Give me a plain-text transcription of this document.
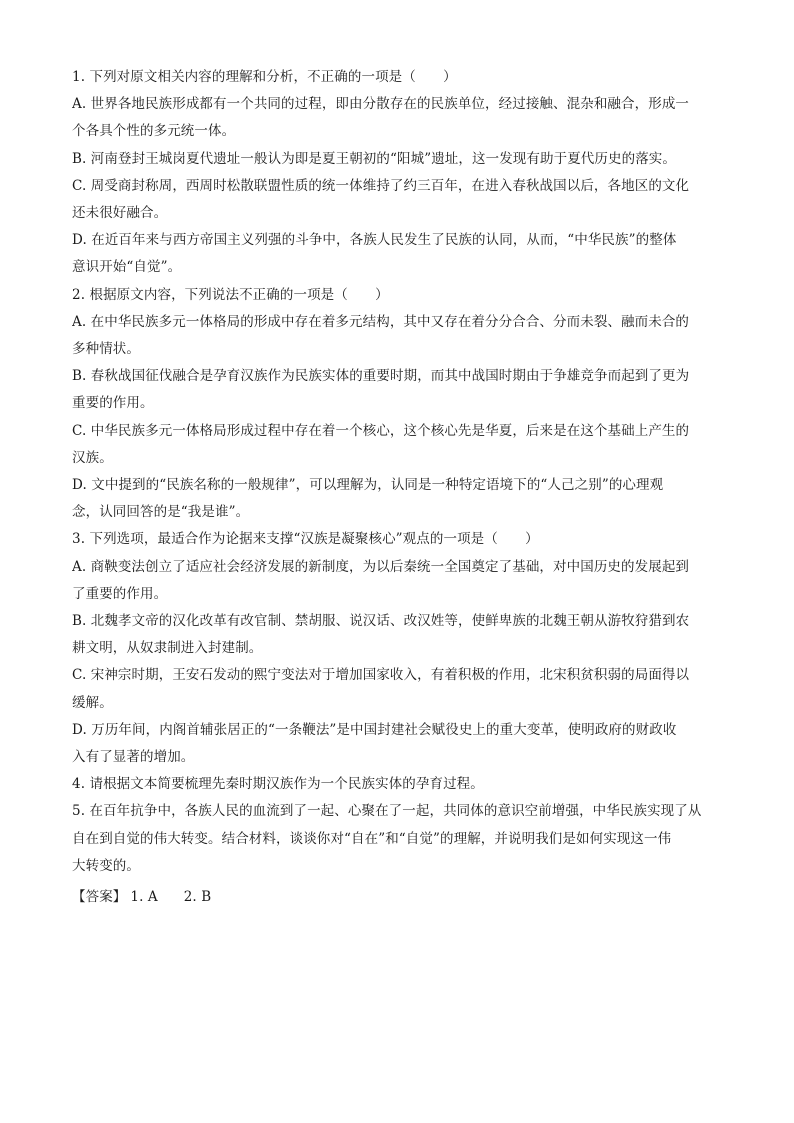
1. 下列对原文相关内容的理解和分析，不正确的一项是（　　）
A. 世界各地民族形成都有一个共同的过程，即由分散存在的民族单位，经过接触、混杂和融合，形成一
个各具个性的多元统一体。
B. 河南登封王城岗夏代遗址一般认为即是夏王朝初的“阳城”遗址，这一发现有助于夏代历史的落实。
C. 周受商封称周，西周时松散联盟性质的统一体维持了约三百年，在进入春秋战国以后，各地区的文化
还未很好融合。
D. 在近百年来与西方帝国主义列强的斗争中，各族人民发生了民族的认同，从而，“中华民族”的整体
意识开始“自觉”。
2. 根据原文内容，下列说法不正确的一项是（　　）
A. 在中华民族多元一体格局的形成中存在着多元结构，其中又存在着分分合合、分而未裂、融而未合的
多种情状。
B. 春秋战国征伐融合是孕育汉族作为民族实体的重要时期，而其中战国时期由于争雄竞争而起到了更为
重要的作用。
C. 中华民族多元一体格局形成过程中存在着一个核心，这个核心先是华夏，后来是在这个基础上产生的
汉族。
D. 文中提到的“民族名称的一般规律”，可以理解为，认同是一种特定语境下的“人己之别”的心理观
念，认同回答的是“我是谁”。
3. 下列选项，最适合作为论据来支撑“汉族是凝聚核心”观点的一项是（　　）
A. 商鞅变法创立了适应社会经济发展的新制度，为以后秦统一全国奠定了基础，对中国历史的发展起到
了重要的作用。
B. 北魏孝文帝的汉化改革有改官制、禁胡服、说汉话、改汉姓等，使鲜卑族的北魏王朝从游牧狩猎到农
耕文明，从奴隶制进入封建制。
C. 宋神宗时期，王安石发动的熙宁变法对于增加国家收入，有着积极的作用，北宋积贫积弱的局面得以
缓解。
D. 万历年间，内阁首辅张居正的“一条鞭法”是中国封建社会赋役史上的重大变革，使明政府的财政收
入有了显著的增加。
4. 请根据文本简要梳理先秦时期汉族作为一个民族实体的孕育过程。
5. 在百年抗争中，各族人民的血流到了一起、心聚在了一起，共同体的意识空前增强，中华民族实现了从
自在到自觉的伟大转变。结合材料，谈谈你对“自在”和“自觉”的理解，并说明我们是如何实现这一伟
大转变的。
【答案】 1. A 2. B
